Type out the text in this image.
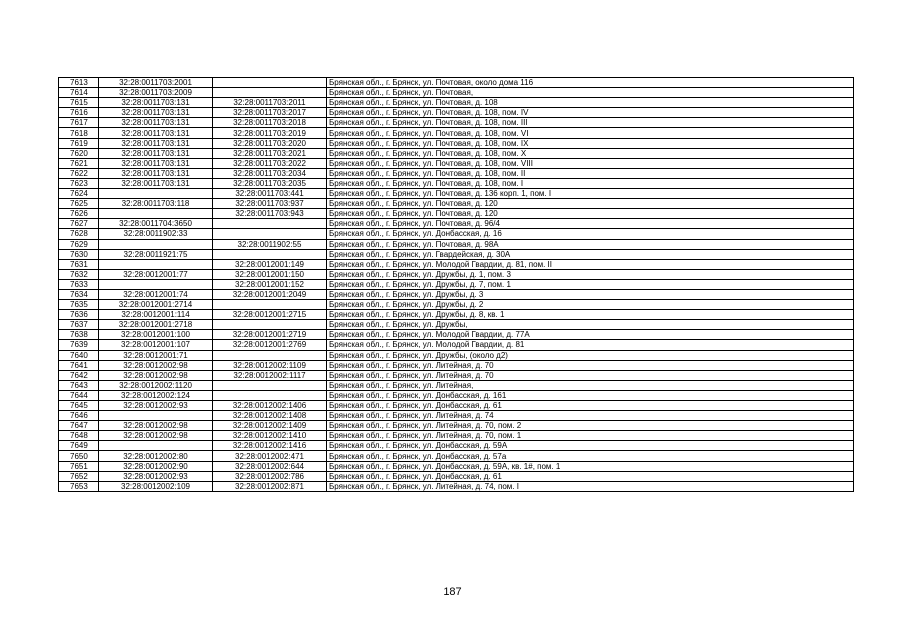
7613	32:28:0011703:2001		Брянская обл., г. Брянск, ул. Почтовая, около дома 116
7614	32:28:0011703:2009		Брянская обл., г. Брянск, ул. Почтовая,
7615	32:28:0011703:131	32:28:0011703:2011	Брянская обл., г. Брянск, ул. Почтовая, д. 108
7616	32:28:0011703:131	32:28:0011703:2017	Брянская обл., г. Брянск, ул. Почтовая, д. 108, пом. IV
7617	32:28:0011703:131	32:28:0011703:2018	Брянская обл., г. Брянск, ул. Почтовая, д. 108, пом. III
7618	32:28:0011703:131	32:28:0011703:2019	Брянская обл., г. Брянск, ул. Почтовая, д. 108, пом. VI
7619	32:28:0011703:131	32:28:0011703:2020	Брянская обл., г. Брянск, ул. Почтовая, д. 108, пом. IX
7620	32:28:0011703:131	32:28:0011703:2021	Брянская обл., г. Брянск, ул. Почтовая, д. 108, пом. X
7621	32:28:0011703:131	32:28:0011703:2022	Брянская обл., г. Брянск, ул. Почтовая, д. 108, пом. VIII
7622	32:28:0011703:131	32:28:0011703:2034	Брянская обл., г. Брянск, ул. Почтовая, д. 108, пом. II
7623	32:28:0011703:131	32:28:0011703:2035	Брянская обл., г. Брянск, ул. Почтовая, д. 108, пом. I
7624		32:28:0011703:441	Брянская обл., г. Брянск, ул. Почтовая, д. 136 корп. 1, пом. I
7625	32:28:0011703:118	32:28:0011703:937	Брянская обл., г. Брянск, ул. Почтовая, д. 120
7626		32:28:0011703:943	Брянская обл., г. Брянск, ул. Почтовая, д. 120
7627	32:28:0011704:3650		Брянская обл., г. Брянск, ул. Почтовая, д. 96/4
7628	32:28:0011902:33		Брянская обл., г. Брянск, ул. Донбасская, д. 16
7629		32:28:0011902:55	Брянская обл., г. Брянск, ул. Почтовая, д. 98А
7630	32:28:0011921:75		Брянская обл., г. Брянск, ул. Гвардейская, д. 30А
7631		32:28:0012001:149	Брянская обл., г. Брянск, ул. Молодой Гвардии, д. 81, пом. II
7632	32:28:0012001:77	32:28:0012001:150	Брянская обл., г. Брянск, ул. Дружбы, д. 1, пом. 3
7633		32:28:0012001:152	Брянская обл., г. Брянск, ул. Дружбы, д. 7, пом. 1
7634	32:28:0012001:74	32:28:0012001:2049	Брянская обл., г. Брянск, ул. Дружбы, д. 3
7635	32:28:0012001:2714		Брянская обл., г. Брянск, ул. Дружбы, д. 2
7636	32:28:0012001:114	32:28:0012001:2715	Брянская обл., г. Брянск, ул. Дружбы, д. 8, кв. 1
7637	32:28:0012001:2718		Брянская обл., г. Брянск, ул. Дружбы,
7638	32:28:0012001:100	32:28:0012001:2719	Брянская обл., г. Брянск, ул. Молодой Гвардии, д. 77А
7639	32:28:0012001:107	32:28:0012001:2769	Брянская обл., г. Брянск, ул. Молодой Гвардии, д. 81
7640	32:28:0012001:71		Брянская обл., г. Брянск, ул. Дружбы, (около д2)
7641	32:28:0012002:98	32:28:0012002:1109	Брянская обл., г. Брянск, ул. Литейная, д. 70
7642	32:28:0012002:98	32:28:0012002:1117	Брянская обл., г. Брянск, ул. Литейная, д. 70
7643	32:28:0012002:1120		Брянская обл., г. Брянск, ул. Литейная,
7644	32:28:0012002:124		Брянская обл., г. Брянск, ул. Донбасская, д. 161
7645	32:28:0012002:93	32:28:0012002:1406	Брянская обл., г. Брянск, ул. Донбасская, д. 61
7646		32:28:0012002:1408	Брянская обл., г. Брянск, ул. Литейная, д. 74
7647	32:28:0012002:98	32:28:0012002:1409	Брянская обл., г. Брянск, ул. Литейная, д. 70, пом. 2
7648	32:28:0012002:98	32:28:0012002:1410	Брянская обл., г. Брянск, ул. Литейная, д. 70, пом. 1
7649		32:28:0012002:1416	Брянская обл., г. Брянск, ул. Донбасская, д. 59А
7650	32:28:0012002:80	32:28:0012002:471	Брянская обл., г. Брянск, ул. Донбасская, д. 57а
7651	32:28:0012002:90	32:28:0012002:644	Брянская обл., г. Брянск, ул. Донбасская, д. 59А, кв. 1#, пом. 1
7652	32:28:0012002:93	32:28:0012002:786	Брянская обл., г. Брянск, ул. Донбасская, д. 61
7653	32:28:0012002:109	32:28:0012002:871	Брянская обл., г. Брянск, ул. Литейная, д. 74, пом. I
187
